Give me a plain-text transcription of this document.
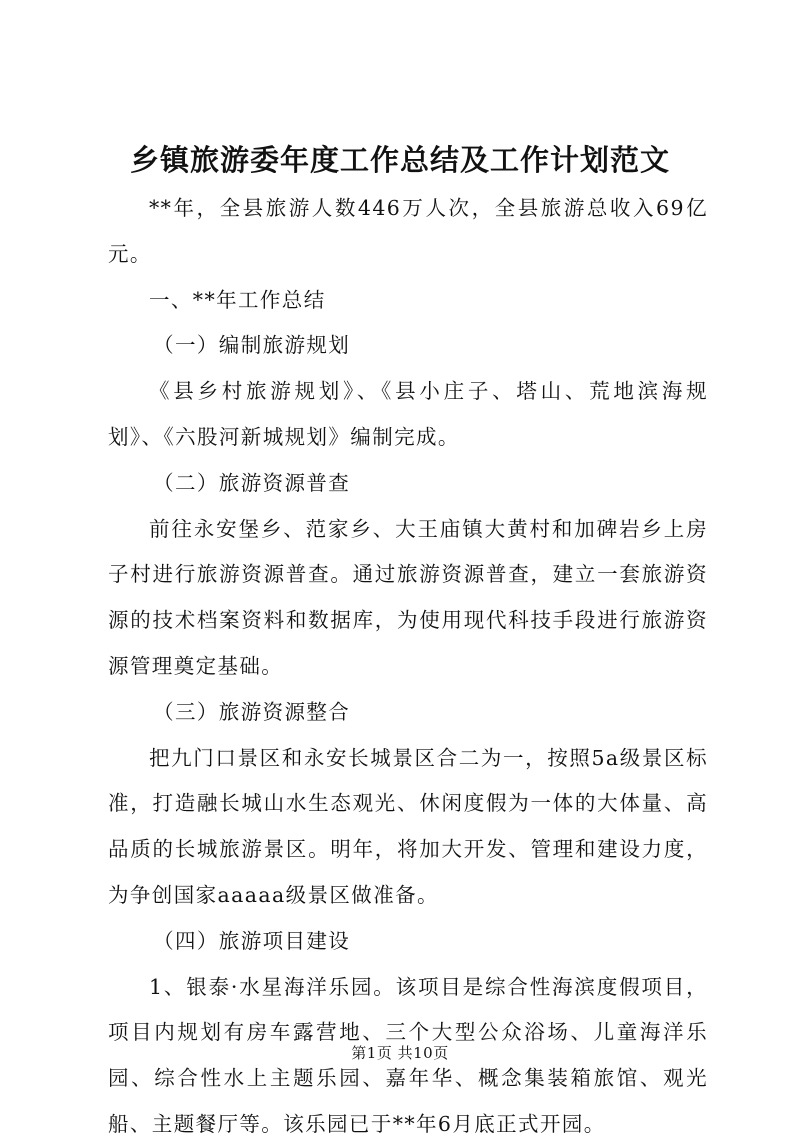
乡镇旅游委年度工作总结及工作计划范文

**年，全县旅游人数446万人次，全县旅游总收入69亿元。

一、**年工作总结

（一）编制旅游规划

《县乡村旅游规划》、《县小庄子、塔山、荒地滨海规划》、《六股河新城规划》编制完成。

（二）旅游资源普查

前往永安堡乡、范家乡、大王庙镇大黄村和加碑岩乡上房子村进行旅游资源普查。通过旅游资源普查，建立一套旅游资源的技术档案资料和数据库，为使用现代科技手段进行旅游资源管理奠定基础。

（三）旅游资源整合

把九门口景区和永安长城景区合二为一，按照5a级景区标准，打造融长城山水生态观光、休闲度假为一体的大体量、高品质的长城旅游景区。明年，将加大开发、管理和建设力度，为争创国家aaaaa级景区做准备。

（四）旅游项目建设

1、银泰·水星海洋乐园。该项目是综合性海滨度假项目，项目内规划有房车露营地、三个大型公众浴场、儿童海洋乐园、综合性水上主题乐园、嘉年华、概念集装箱旅馆、观光船、主题餐厅等。该乐园已于**年6月底正式开园。

第1页 共10页
